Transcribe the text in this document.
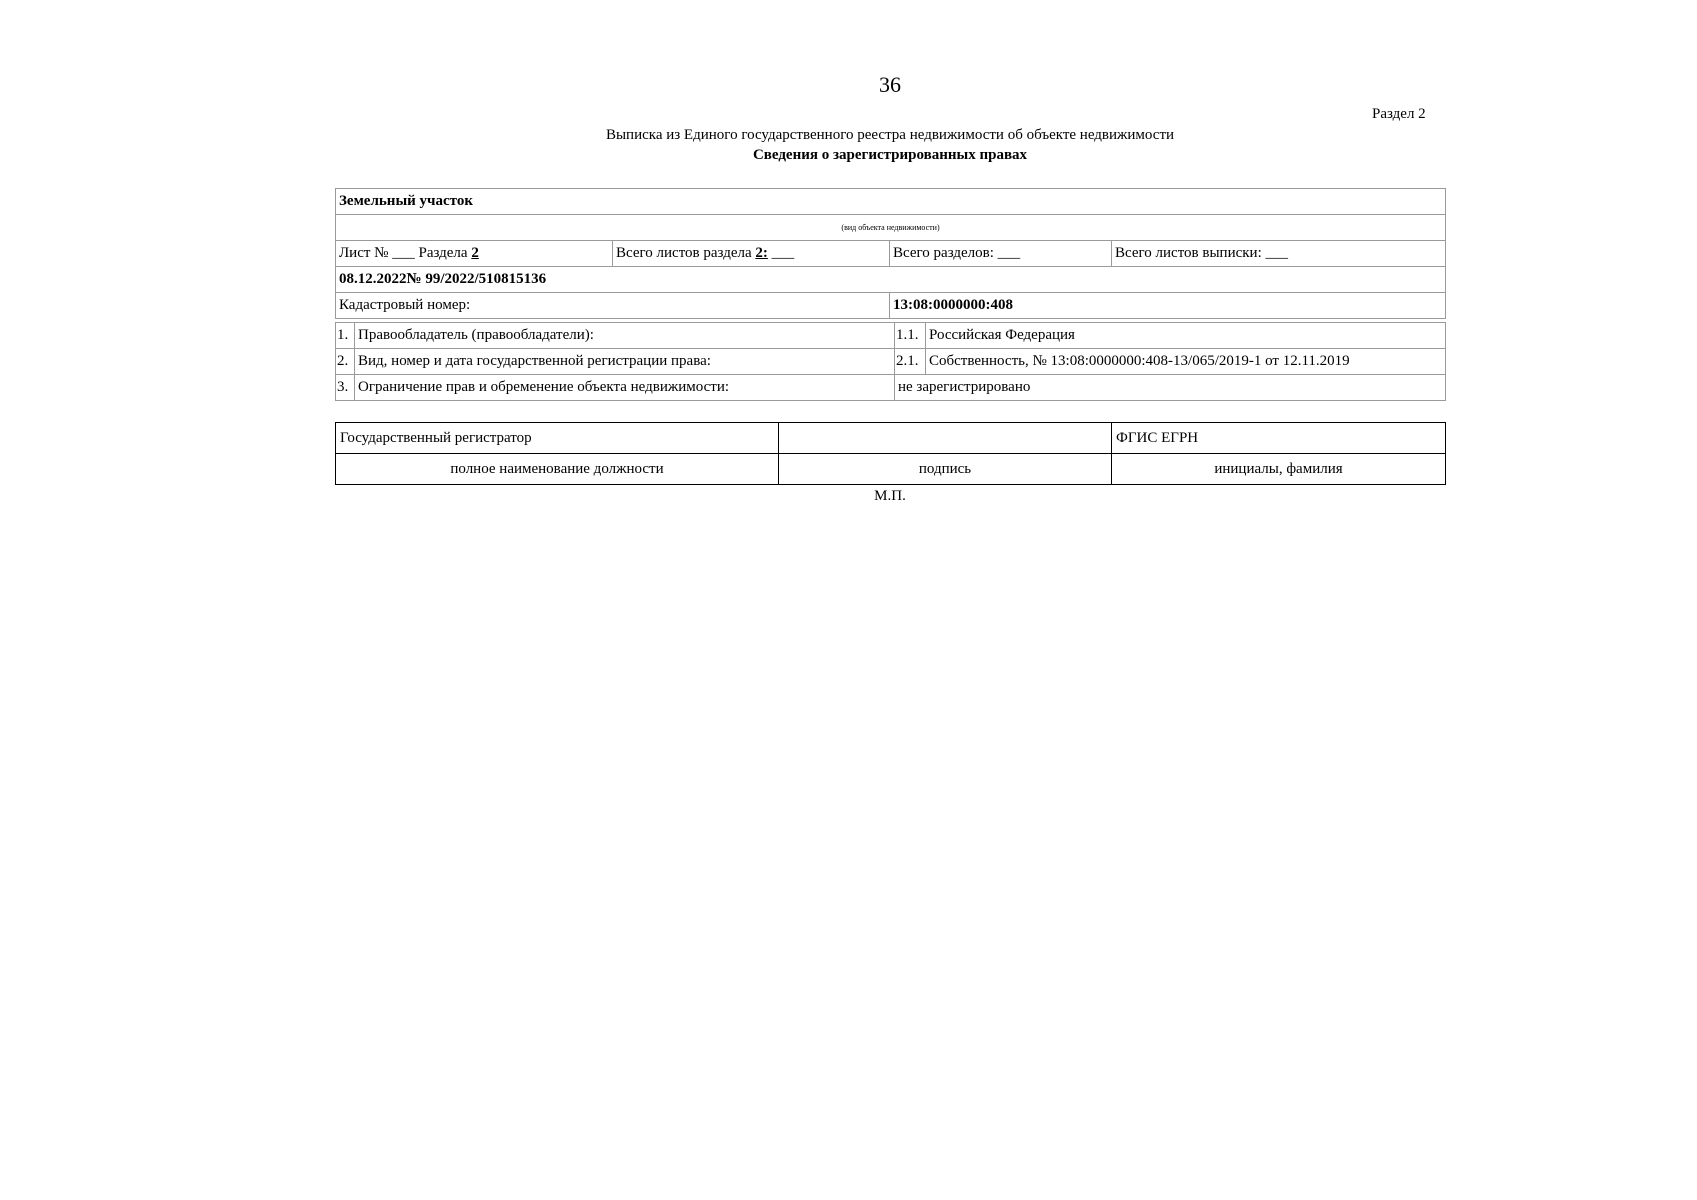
36
Раздел 2
Выписка из Единого государственного реестра недвижимости об объекте недвижимости
Сведения о зарегистрированных правах
Земельный участок			
(вид объекта недвижимости)			
Лист № ___ Раздела 2	Всего листов раздела 2: ___	Всего разделов: ___	Всего листов выписки: ___
08.12.2022№ 99/2022/510815136			
Кадастровый номер:		13:08:0000000:408	
1.	Правообладатель (правообладатели):	1.1.	Российская Федерация
2.	Вид, номер и дата государственной регистрации права:	2.1.	Собственность, № 13:08:0000000:408-13/065/2019-1 от 12.11.2019
3.	Ограничение прав и обременение объекта недвижимости:	не зарегистрировано	
Государственный регистратор		ФГИС ЕГРН
полное наименование должности	подпись	инициалы, фамилия
М.П.
